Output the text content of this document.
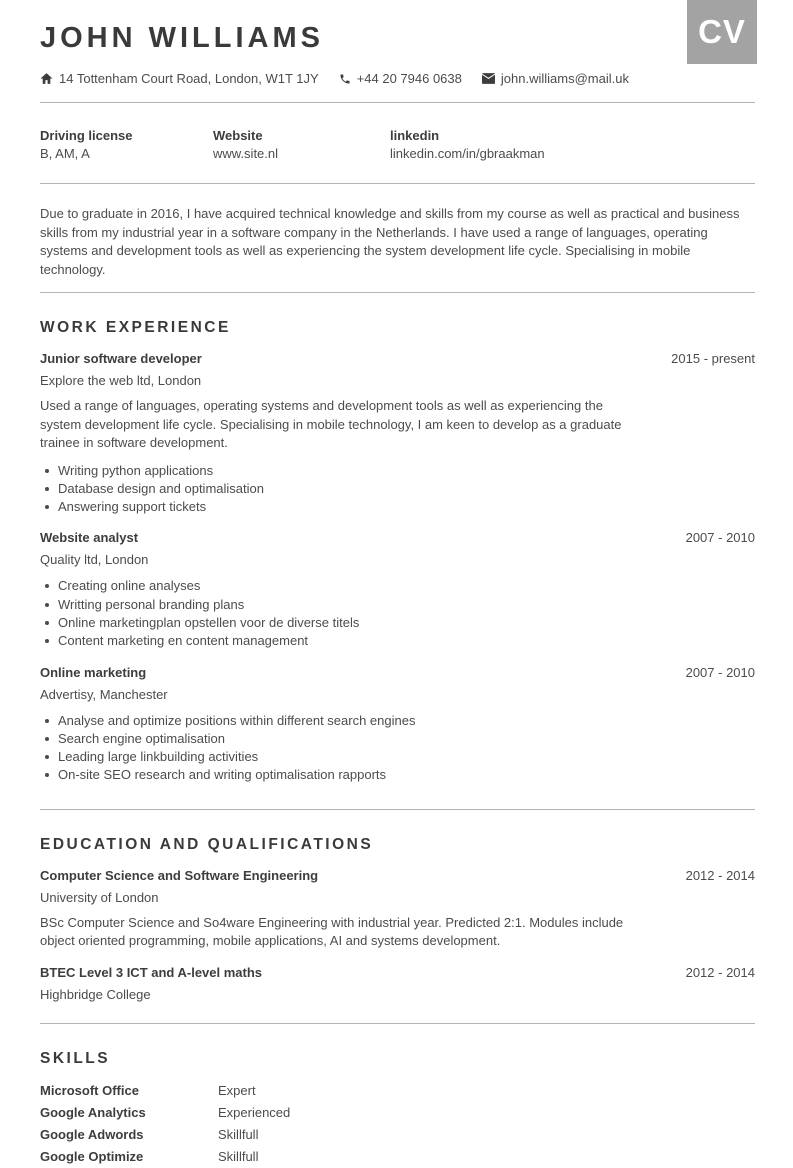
CV
JOHN WILLIAMS
14 Tottenham Court Road, London, W1T 1JY	+44 20 7946 0638	john.williams@mail.uk
Driving license
B, AM, A
Website
www.site.nl
linkedin
linkedin.com/in/gbraakman

Due to graduate in 2016, I have acquired technical knowledge and skills from my course as well as practical and business skills from my industrial year in a software company in the Netherlands. I have used a range of languages, operating systems and development tools as well as experiencing the system development life cycle. Specialising in mobile technology.

WORK EXPERIENCE
Junior software developer	2015 - present
Explore the web ltd, London

Used a range of languages, operating systems and development tools as well as experiencing the system development life cycle. Specialising in mobile technology, I am keen to develop as a graduate trainee in software development.

Writing python applications
Database design and optimalisation
Answering support tickets
Website analyst	2007 - 2010
Quality ltd, London
Creating online analyses
Writting personal branding plans
Online marketingplan opstellen voor de diverse titels
Content marketing en content management
Online marketing	2007 - 2010
Advertisy, Manchester
Analyse and optimize positions within different search engines
Search engine optimalisation
Leading large linkbuilding activities
On-site SEO research and writing optimalisation rapports
EDUCATION AND QUALIFICATIONS
Computer Science and Software Engineering	2012 - 2014
University of London

BSc Computer Science and So4ware Engineering with industrial year. Predicted 2:1. Modules include object oriented programming, mobile applications, AI and systems development.

BTEC Level 3 ICT and A-level maths	2012 - 2014
Highbridge College
SKILLS
Microsoft Office	Expert
Google Analytics	Experienced
Google Adwords	Skillfull
Google Optimize	Skillfull
